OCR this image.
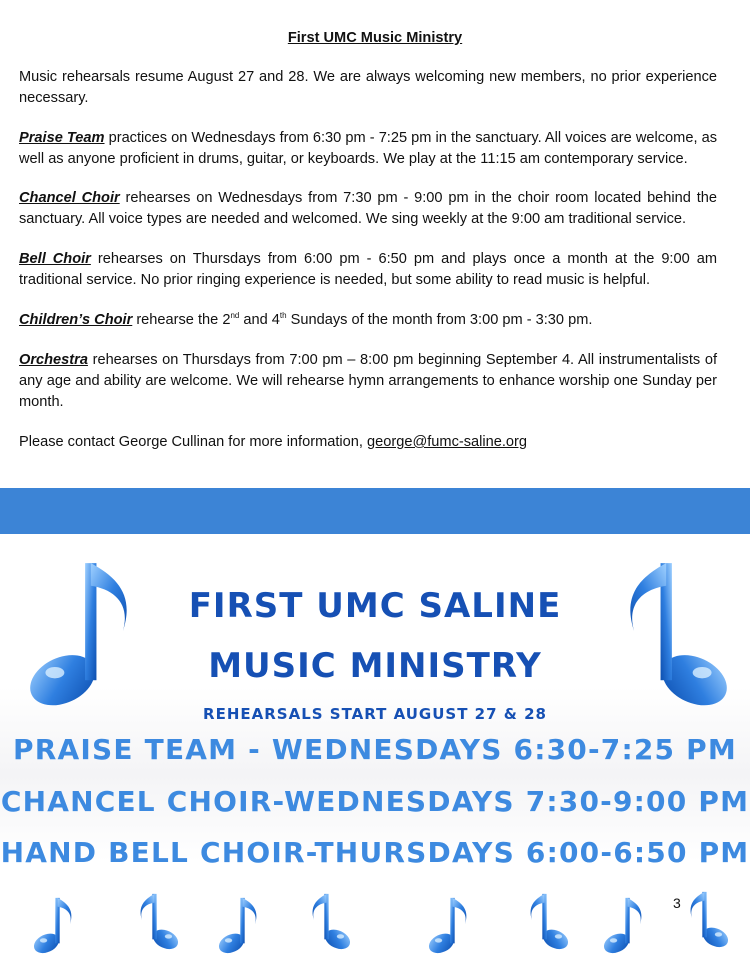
First UMC Music Ministry
Music rehearsals resume August 27 and 28. We are always welcoming new members, no prior experience necessary.
Praise Team practices on Wednesdays from 6:30 pm - 7:25 pm in the sanctuary. All voices are welcome, as well as anyone proficient in drums, guitar, or keyboards. We play at the 11:15 am contemporary service.
Chancel Choir rehearses on Wednesdays from 7:30 pm - 9:00 pm in the choir room located behind the sanctuary. All voice types are needed and welcomed. We sing weekly at the 9:00 am traditional service.
Bell Choir rehearses on Thursdays from 6:00 pm - 6:50 pm and plays once a month at the 9:00 am traditional service. No prior ringing experience is needed, but some ability to read music is helpful.
Children’s Choir rehearse the 2nd and 4th Sundays of the month from 3:00 pm - 3:30 pm.
Orchestra rehearses on Thursdays from 7:00 pm – 8:00 pm beginning September 4. All instrumentalists of any age and ability are welcome. We will rehearse hymn arrangements to enhance worship one Sunday per month.
Please contact George Cullinan for more information, george@fumc-saline.org
FIRST UMC SALINE
MUSIC MINISTRY
REHEARSALS START AUGUST 27 & 28
PRAISE TEAM - WEDNESDAYS 6:30-7:25 PM
CHANCEL CHOIR-WEDNESDAYS 7:30-9:00 PM
HAND BELL CHOIR-THURSDAYS 6:00-6:50 PM
3
